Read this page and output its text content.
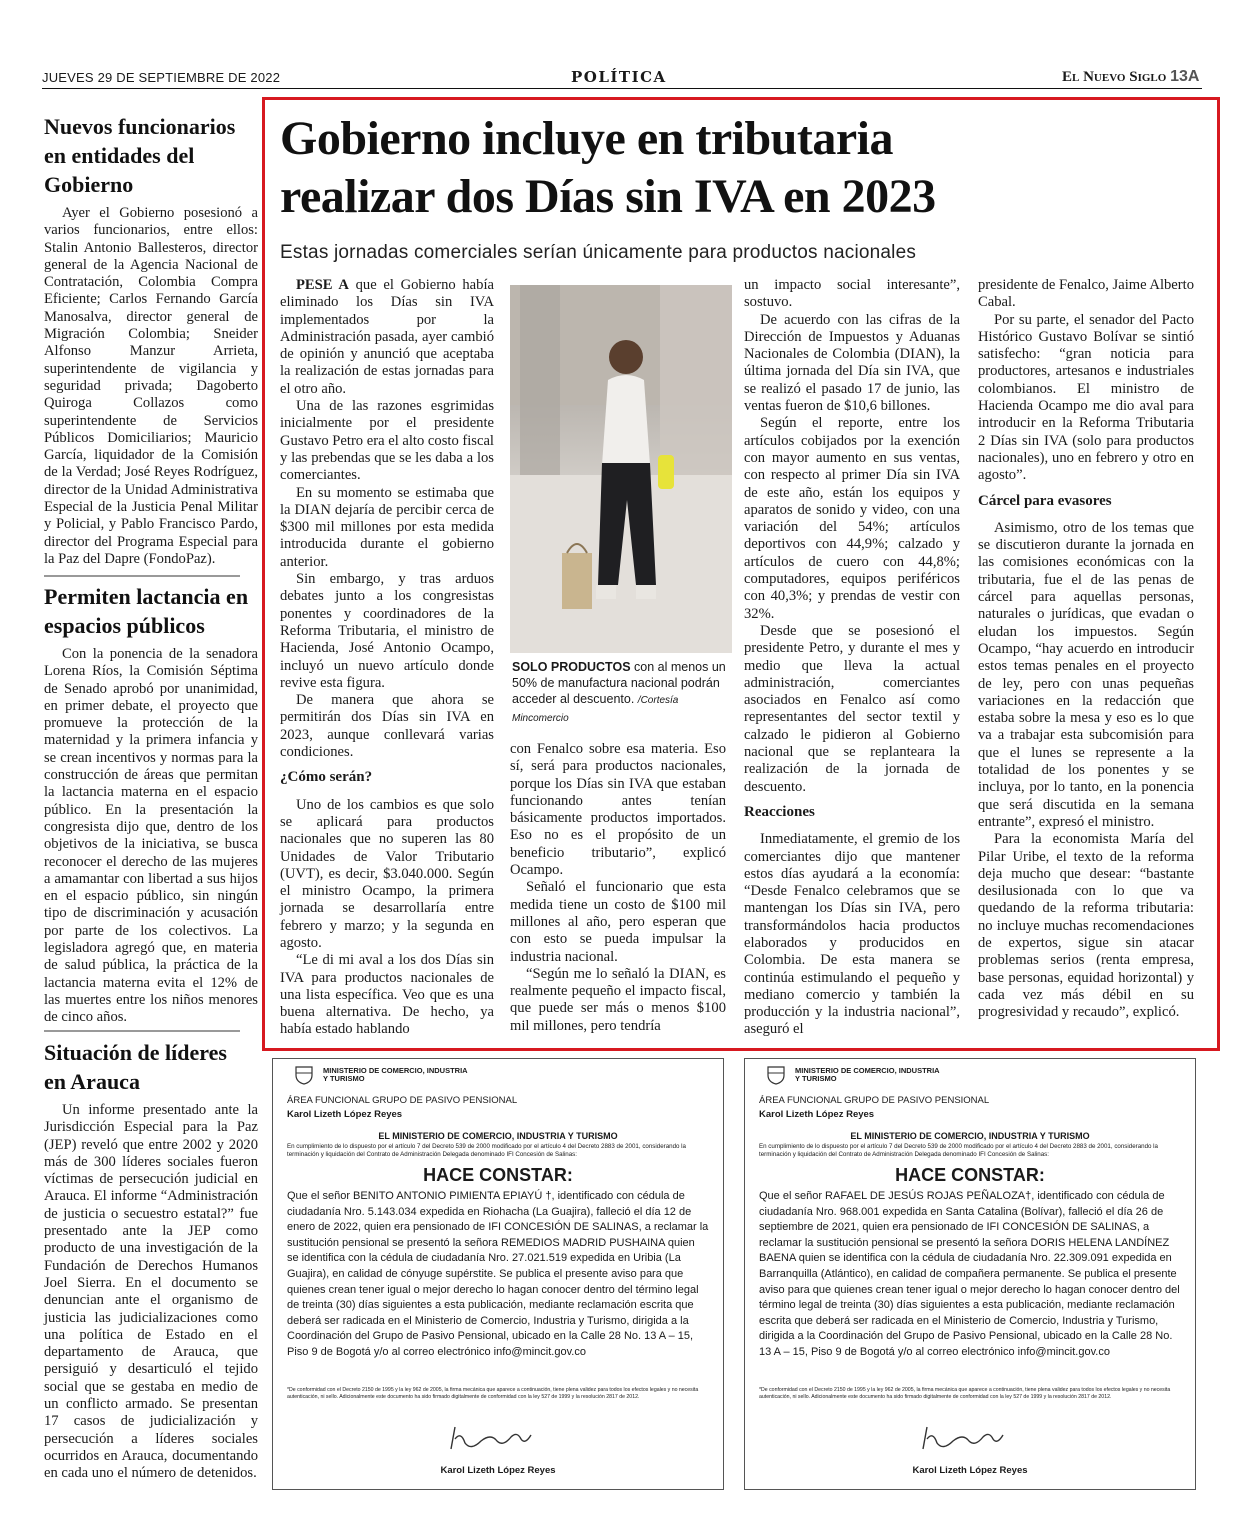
JUEVES 29 DE SEPTIEMBRE DE 2022	POLÍTICA	El Nuevo Siglo 13A
Nuevos funcionarios en entidades del Gobierno
Ayer el Gobierno posesionó a varios funcionarios, entre ellos: Stalin Antonio Ballesteros, director general de la Agencia Nacional de Contratación, Colombia Compra Eficiente; Carlos Fernando García Manosalva, director general de Migración Colombia; Sneider Alfonso Manzur Arrieta, superintendente de vigilancia y seguridad privada; Dagoberto Quiroga Collazos como superintendente de Servicios Públicos Domiciliarios; Mauricio García, liquidador de la Comisión de la Verdad; José Reyes Rodríguez, director de la Unidad Administrativa Especial de la Justicia Penal Militar y Policial, y Pablo Francisco Pardo, director del Programa Especial para la Paz del Dapre (FondoPaz).
Permiten lactancia en espacios públicos
Con la ponencia de la senadora Lorena Ríos, la Comisión Séptima de Senado aprobó por unanimidad, en primer debate, el proyecto que promueve la protección de la maternidad y la primera infancia y se crean incentivos y normas para la construcción de áreas que permitan la lactancia materna en el espacio público. En la presentación la congresista dijo que, dentro de los objetivos de la iniciativa, se busca reconocer el derecho de las mujeres a amamantar con libertad a sus hijos en el espacio público, sin ningún tipo de discriminación y acusación por parte de los colectivos. La legisladora agregó que, en materia de salud pública, la práctica de la lactancia materna evita el 12% de las muertes entre los niños menores de cinco años.
Situación de líderes en Arauca
Un informe presentado ante la Jurisdicción Especial para la Paz (JEP) reveló que entre 2002 y 2020 más de 300 líderes sociales fueron víctimas de persecución judicial en Arauca. El informe “Administración de justicia o secuestro estatal?” fue presentado ante la JEP como producto de una investigación de la Fundación de Derechos Humanos Joel Sierra. En el documento se denuncian ante el organismo de justicia las judicializaciones como una política de Estado en el departamento de Arauca, que persiguió y desarticuló el tejido social que se gestaba en medio de un conflicto armado. Se presentan 17 casos de judicialización y persecución a líderes sociales ocurridos en Arauca, documentando en cada uno el número de detenidos.
Gobierno incluye en tributaria
realizar dos Días sin IVA en 2023
Estas jornadas comerciales serían únicamente para productos nacionales

PESE A que el Gobierno había eliminado los Días sin IVA implementados por la Administración pasada, ayer cambió de opinión y anunció que aceptaba la realización de estas jornadas para el otro año.

Una de las razones esgrimidas inicialmente por el presidente Gustavo Petro era el alto costo fiscal y las prebendas que se les daba a los comerciantes.

En su momento se estimaba que la DIAN dejaría de percibir cerca de $300 mil millones por esta medida introducida durante el gobierno anterior.

Sin embargo, y tras arduos debates junto a los congresistas ponentes y coordinadores de la Reforma Tributaria, el ministro de Hacienda, José Antonio Ocampo, incluyó un nuevo artículo donde revive esta figura.

De manera que ahora se permitirán dos Días sin IVA en 2023, aunque conllevará varias condiciones.

¿Cómo serán?

Uno de los cambios es que solo se aplicará para productos nacionales que no superen las 80 Unidades de Valor Tributario (UVT), es decir, $3.040.000. Según el ministro Ocampo, la primera jornada se desarrollaría entre febrero y marzo; y la segunda en agosto.

“Le di mi aval a los dos Días sin IVA para productos nacionales de una lista específica. Veo que es una buena alternativa. De hecho, ya había estado hablando

SOLO PRODUCTOS con al menos un 50% de manufactura nacional podrán acceder al descuento. /Cortesía Mincomercio

con Fenalco sobre esa materia. Eso sí, será para productos nacionales, porque los Días sin IVA que estaban funcionando antes tenían básicamente productos importados. Eso no es el propósito de un beneficio tributario”, explicó Ocampo.

Señaló el funcionario que esta medida tiene un costo de $100 mil millones al año, pero esperan que con esto se pueda impulsar la industria nacional.

“Según me lo señaló la DIAN, es realmente pequeño el impacto fiscal, que puede ser más o menos $100 mil millones, pero tendría

un impacto social interesante”, sostuvo.

De acuerdo con las cifras de la Dirección de Impuestos y Aduanas Nacionales de Colombia (DIAN), la última jornada del Día sin IVA, que se realizó el pasado 17 de junio, las ventas fueron de $10,6 billones.

Según el reporte, entre los artículos cobijados por la exención con mayor aumento en sus ventas, con respecto al primer Día sin IVA de este año, están los equipos y aparatos de sonido y video, con una variación del 54%; artículos deportivos con 44,9%; calzado y artículos de cuero con 44,8%; computadores, equipos periféricos con 40,3%; y prendas de vestir con 32%.

Desde que se posesionó el presidente Petro, y durante el mes y medio que lleva la actual administración, comerciantes asociados en Fenalco así como representantes del sector textil y calzado le pidieron al Gobierno nacional que se replanteara la realización de la jornada de descuento.

Reacciones

Inmediatamente, el gremio de los comerciantes dijo que mantener estos días ayudará a la economía: “Desde Fenalco celebramos que se mantengan los Días sin IVA, pero transformándolos hacia productos elaborados y producidos en Colombia. De esta manera se continúa estimulando el pequeño y mediano comercio y también la producción y la industria nacional”, aseguró el

presidente de Fenalco, Jaime Alberto Cabal.

Por su parte, el senador del Pacto Histórico Gustavo Bolívar se sintió satisfecho: “gran noticia para productores, artesanos e industriales colombianos. El ministro de Hacienda Ocampo me dio aval para introducir en la Reforma Tributaria 2 Días sin IVA (solo para productos nacionales), uno en febrero y otro en agosto”.

Cárcel para evasores

Asimismo, otro de los temas que se discutieron durante la jornada en las comisiones económicas con la tributaria, fue el de las penas de cárcel para aquellas personas, naturales o jurídicas, que evadan o eludan los impuestos. Según Ocampo, “hay acuerdo en introducir estos temas penales en el proyecto de ley, pero con unas pequeñas variaciones en la redacción que estaba sobre la mesa y eso es lo que va a trabajar esta subcomisión para que el lunes se represente a la totalidad de los ponentes y se incluya, por lo tanto, en la ponencia que será discutida en la semana entrante”, expresó el ministro.

Para la economista María del Pilar Uribe, el texto de la reforma deja mucho que desear: “bastante desilusionada con lo que va quedando de la reforma tributaria: no incluye muchas recomendaciones de expertos, sigue sin atacar problemas serios (renta empresa, base personas, equidad horizontal) y cada vez más débil en su progresividad y recaudo”, explicó.

MINISTERIO DE COMERCIO, INDUSTRIA Y TURISMO
ÁREA FUNCIONAL GRUPO DE PASIVO PENSIONAL
Karol Lizeth López Reyes
EL MINISTERIO DE COMERCIO, INDUSTRIA Y TURISMO
En cumplimiento de lo dispuesto por el artículo 7 del Decreto 539 de 2000 modificado por el artículo 4 del Decreto 2883 de 2001, considerando la terminación y liquidación del Contrato de Administración Delegada denominado IFI Concesión de Salinas:
HACE CONSTAR:
Que el señor BENITO ANTONIO PIMIENTA EPIAYÚ †, identificado con cédula de ciudadanía Nro. 5.143.034 expedida en Riohacha (La Guajira), falleció el día 12 de enero de 2022, quien era pensionado de IFI CONCESIÓN DE SALINAS, a reclamar la sustitución pensional se presentó la señora REMEDIOS MADRID PUSHAINA quien se identifica con la cédula de ciudadanía Nro. 27.021.519 expedida en Uribia (La Guajira), en calidad de cónyuge supérstite. Se publica el presente aviso para que quienes crean tener igual o mejor derecho lo hagan conocer dentro del término legal de treinta (30) días siguientes a esta publicación, mediante reclamación escrita que deberá ser radicada en el Ministerio de Comercio, Industria y Turismo, dirigida a la Coordinación del Grupo de Pasivo Pensional, ubicado en la Calle 28 No. 13 A – 15, Piso 9 de Bogotá y/o al correo electrónico info@mincit.gov.co
*De conformidad con el Decreto 2150 de 1995 y la ley 962 de 2005, la firma mecánica que aparece a continuación, tiene plena validez para todos los efectos legales y no necesita autenticación, ni sello. Adicionalmente este documento ha sido firmado digitalmente de conformidad con la ley 527 de 1999 y la resolución 2817 de 2012.
Karol Lizeth López Reyes
MINISTERIO DE COMERCIO, INDUSTRIA Y TURISMO
ÁREA FUNCIONAL GRUPO DE PASIVO PENSIONAL
Karol Lizeth López Reyes
EL MINISTERIO DE COMERCIO, INDUSTRIA Y TURISMO
En cumplimiento de lo dispuesto por el artículo 7 del Decreto 539 de 2000 modificado por el artículo 4 del Decreto 2883 de 2001, considerando la terminación y liquidación del Contrato de Administración Delegada denominado IFI Concesión de Salinas:
HACE CONSTAR:
Que el señor RAFAEL DE JESÚS ROJAS PEÑALOZA†, identificado con cédula de ciudadanía Nro. 968.001 expedida en Santa Catalina (Bolívar), falleció el día 26 de septiembre de 2021, quien era pensionado de IFI CONCESIÓN DE SALINAS, a reclamar la sustitución pensional se presentó la señora DORIS HELENA LANDÍNEZ BAENA quien se identifica con la cédula de ciudadanía Nro. 22.309.091 expedida en Barranquilla (Atlántico), en calidad de compañera permanente. Se publica el presente aviso para que quienes crean tener igual o mejor derecho lo hagan conocer dentro del término legal de treinta (30) días siguientes a esta publicación, mediante reclamación escrita que deberá ser radicada en el Ministerio de Comercio, Industria y Turismo, dirigida a la Coordinación del Grupo de Pasivo Pensional, ubicado en la Calle 28 No. 13 A – 15, Piso 9 de Bogotá y/o al correo electrónico info@mincit.gov.co
*De conformidad con el Decreto 2150 de 1995 y la ley 962 de 2005, la firma mecánica que aparece a continuación, tiene plena validez para todos los efectos legales y no necesita autenticación, ni sello. Adicionalmente este documento ha sido firmado digitalmente de conformidad con la ley 527 de 1999 y la resolución 2817 de 2012.
Karol Lizeth López Reyes
